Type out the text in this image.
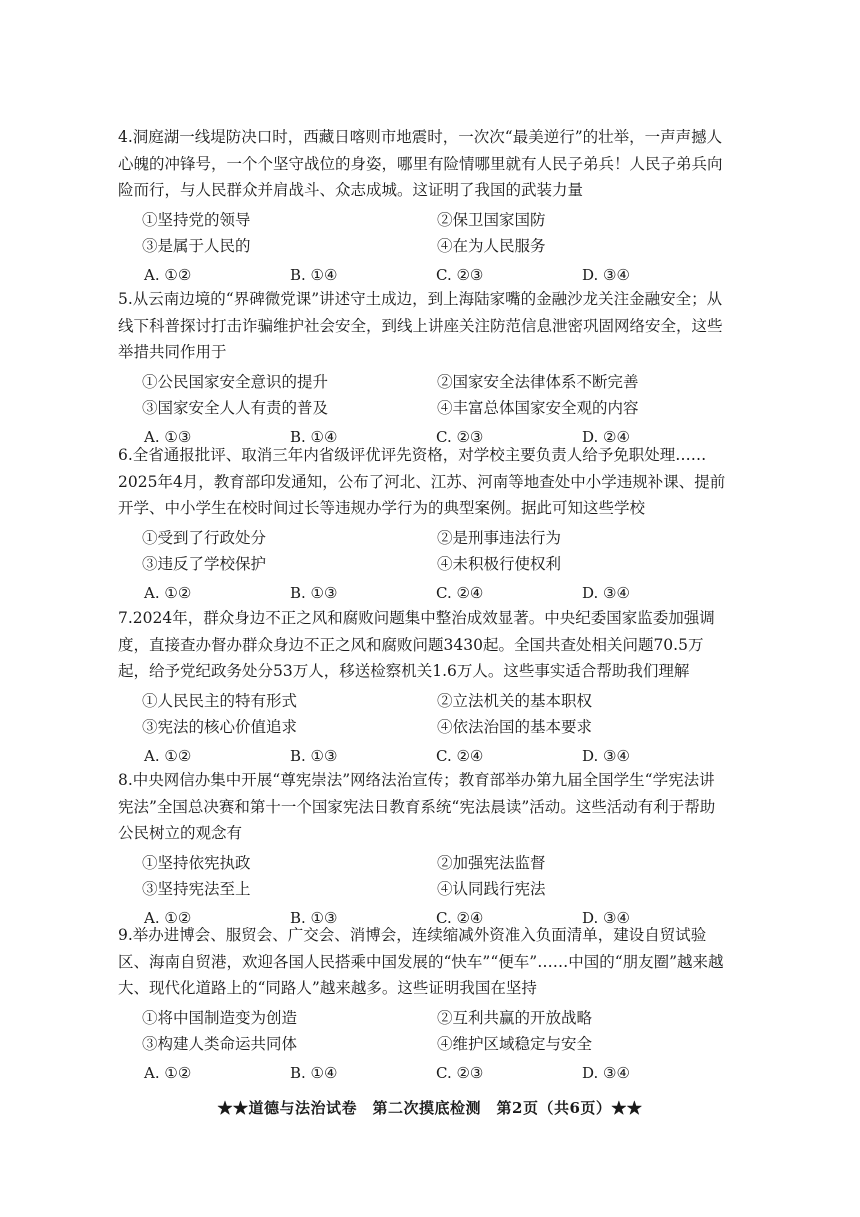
4.洞庭湖一线堤防决口时，西藏日喀则市地震时，一次次“最美逆行”的壮举，一声声撼人心魄的冲锋号，一个个坚守战位的身姿，哪里有险情哪里就有人民子弟兵！人民子弟兵向险而行，与人民群众并肩战斗、众志成城。这证明了我国的武装力量

①坚持党的领导	②保卫国家国防
③是属于人民的	④在为人民服务
A. ①②	B. ①④	C. ②③	D. ③④

5.从云南边境的“界碑微党课”讲述守土成边，到上海陆家嘴的金融沙龙关注金融安全；从线下科普探讨打击诈骗维护社会安全，到线上讲座关注防范信息泄密巩固网络安全，这些举措共同作用于

①公民国家安全意识的提升	②国家安全法律体系不断完善
③国家安全人人有责的普及	④丰富总体国家安全观的内容
A. ①③	B. ①④	C. ②③	D. ②④

6.全省通报批评、取消三年内省级评优评先资格，对学校主要负责人给予免职处理……2025年4月，教育部印发通知，公布了河北、江苏、河南等地查处中小学违规补课、提前开学、中小学生在校时间过长等违规办学行为的典型案例。据此可知这些学校

①受到了行政处分	②是刑事违法行为
③违反了学校保护	④未积极行使权利
A. ①②	B. ①③	C. ②④	D. ③④

7.2024年，群众身边不正之风和腐败问题集中整治成效显著。中央纪委国家监委加强调度，直接查办督办群众身边不正之风和腐败问题3430起。全国共查处相关问题70.5万起，给予党纪政务处分53万人，移送检察机关1.6万人。这些事实适合帮助我们理解

①人民民主的特有形式	②立法机关的基本职权
③宪法的核心价值追求	④依法治国的基本要求
A. ①②	B. ①③	C. ②④	D. ③④

8.中央网信办集中开展“尊宪崇法”网络法治宣传；教育部举办第九届全国学生“学宪法讲宪法”全国总决赛和第十一个国家宪法日教育系统“宪法晨读”活动。这些活动有利于帮助公民树立的观念有

①坚持依宪执政	②加强宪法监督
③坚持宪法至上	④认同践行宪法
A. ①②	B. ①③	C. ②④	D. ③④

9.举办进博会、服贸会、广交会、消博会，连续缩减外资准入负面清单，建设自贸试验区、海南自贸港，欢迎各国人民搭乘中国发展的“快车”“便车”……中国的“朋友圈”越来越大、现代化道路上的“同路人”越来越多。这些证明我国在坚持

①将中国制造变为创造	②互利共赢的开放战略
③构建人类命运共同体	④维护区域稳定与安全
A. ①②	B. ①④	C. ②③	D. ③④
★★道德与法治试卷　第二次摸底检测　第2页（共6页）★★
